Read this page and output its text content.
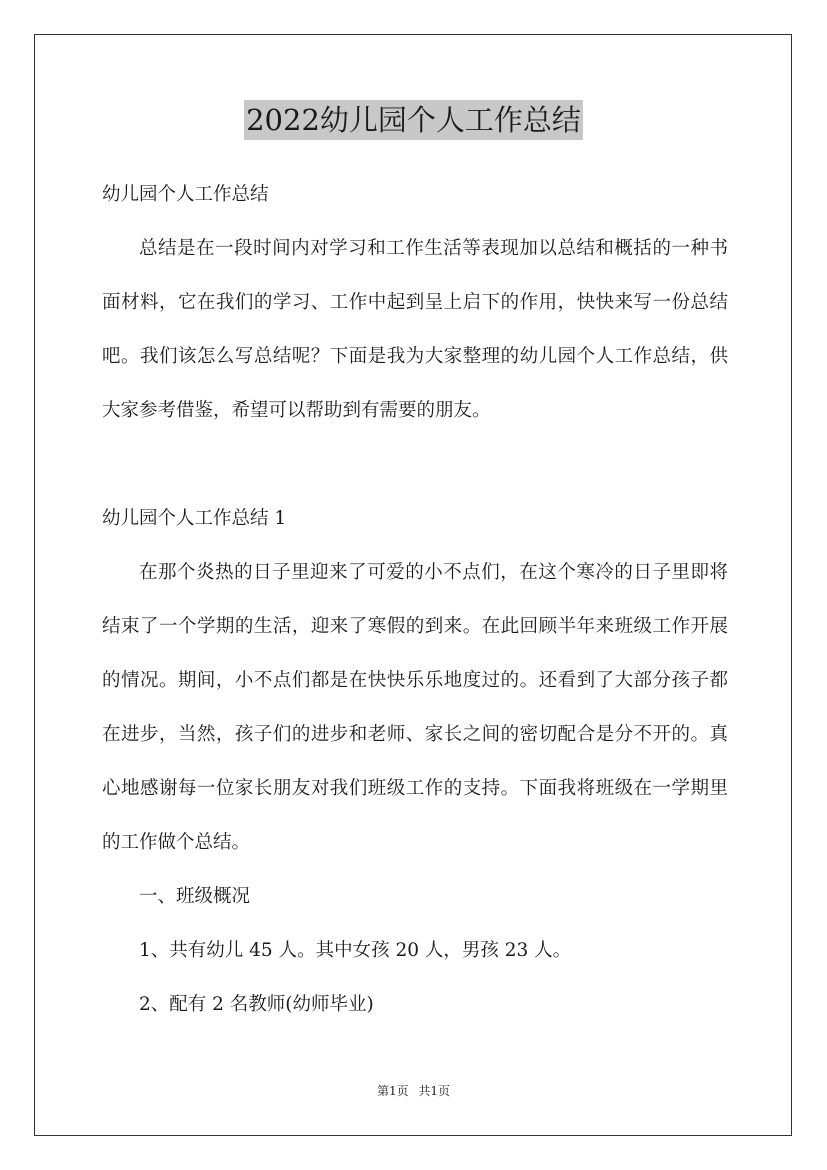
2022幼儿园个人工作总结

幼儿园个人工作总结

总结是在一段时间内对学习和工作生活等表现加以总结和概括的一种书面材料，它在我们的学习、工作中起到呈上启下的作用，快快来写一份总结吧。我们该怎么写总结呢？下面是我为大家整理的幼儿园个人工作总结，供大家参考借鉴，希望可以帮助到有需要的朋友。

幼儿园个人工作总结 1

在那个炎热的日子里迎来了可爱的小不点们，在这个寒冷的日子里即将结束了一个学期的生活，迎来了寒假的到来。在此回顾半年来班级工作开展的情况。期间，小不点们都是在快快乐乐地度过的。还看到了大部分孩子都在进步，当然，孩子们的进步和老师、家长之间的密切配合是分不开的。真心地感谢每一位家长朋友对我们班级工作的支持。下面我将班级在一学期里的工作做个总结。

一、班级概况

1、共有幼儿 45 人。其中女孩 20 人，男孩 23 人。

2、配有 2 名教师(幼师毕业)

第1页 共1页
